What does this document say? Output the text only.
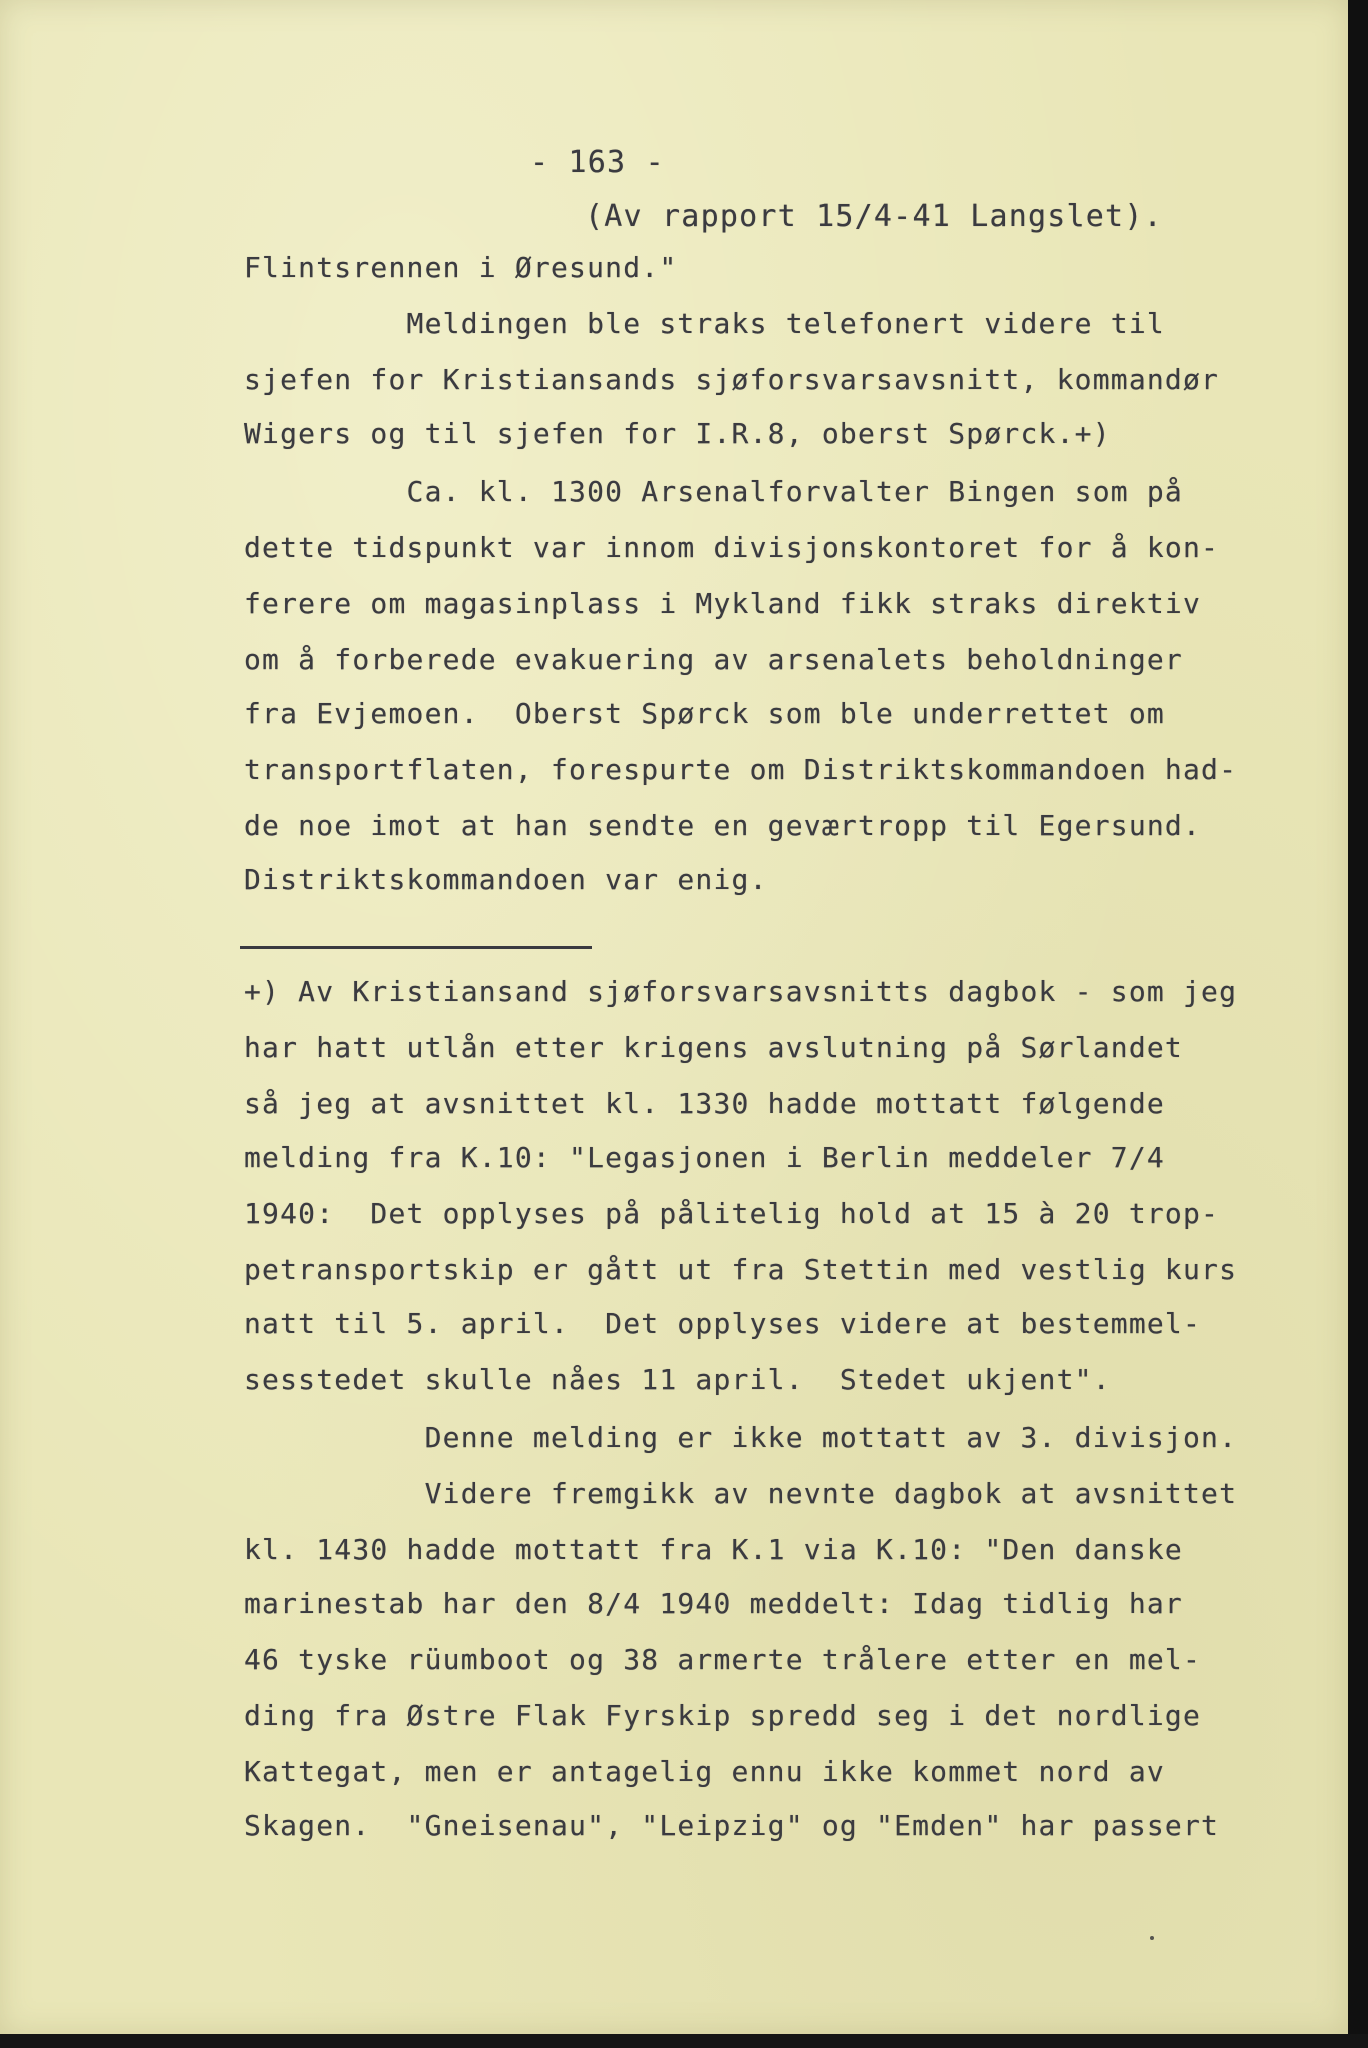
- 163 -
(Av rapport 15/4-41 Langslet).
Flintsrennen i Øresund."
Meldingen ble straks telefonert videre til
sjefen for Kristiansands sjøforsvarsavsnitt, kommandør
Wigers og til sjefen for I.R.8, oberst Spørck.+)
Ca. kl. 1300 Arsenalforvalter Bingen som på
dette tidspunkt var innom divisjonskontoret for å kon-
ferere om magasinplass i Mykland fikk straks direktiv
om å forberede evakuering av arsenalets beholdninger
fra Evjemoen.  Oberst Spørck som ble underrettet om
transportflaten, forespurte om Distriktskommandoen had-
de noe imot at han sendte en geværtropp til Egersund.
Distriktskommandoen var enig.
+) Av Kristiansand sjøforsvarsavsnitts dagbok - som jeg
har hatt utlån etter krigens avslutning på Sørlandet
så jeg at avsnittet kl. 1330 hadde mottatt følgende
melding fra K.10: "Legasjonen i Berlin meddeler 7/4
1940:  Det opplyses på pålitelig hold at 15 à 20 trop-
petransportskip er gått ut fra Stettin med vestlig kurs
natt til 5. april.  Det opplyses videre at bestemmel-
sesstedet skulle nåes 11 april.  Stedet ukjent".
Denne melding er ikke mottatt av 3. divisjon.
Videre fremgikk av nevnte dagbok at avsnittet
kl. 1430 hadde mottatt fra K.1 via K.10: "Den danske
marinestab har den 8/4 1940 meddelt: Idag tidlig har
46 tyske rüumboot og 38 armerte trålere etter en mel-
ding fra Østre Flak Fyrskip spredd seg i det nordlige
Kattegat, men er antagelig ennu ikke kommet nord av
Skagen.  "Gneisenau", "Leipzig" og "Emden" har passert
